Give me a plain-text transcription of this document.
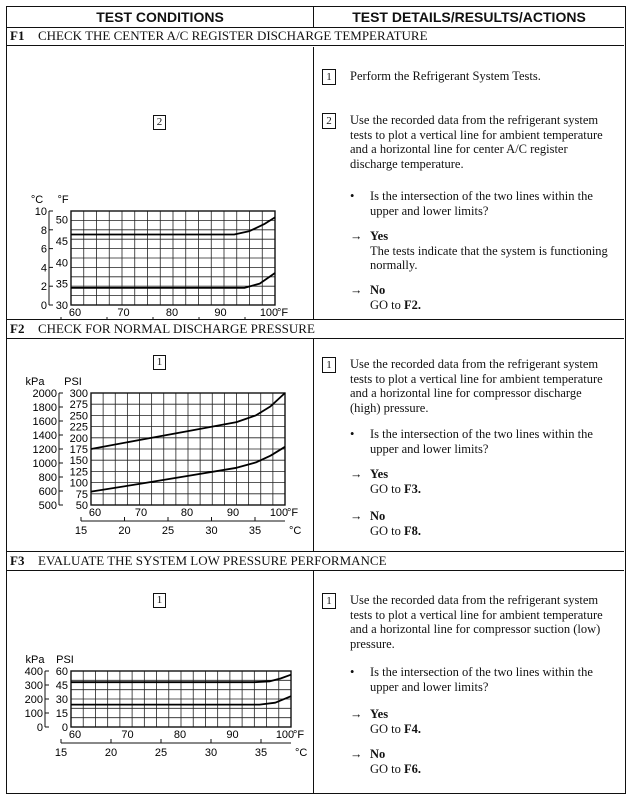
TEST CONDITIONS	TEST DETAILS/RESULTS/ACTIONS
F1 CHECK THE CENTER A/C REGISTER DISCHARGE TEMPERATURE
2
30
35
40
45
50
0
2
4
6
8
10
°F
°C
60	70	80	90	100
°F
1	Perform the Refrigerant System Tests.
2	Use the recorded data from the refrigerant system tests to plot a vertical line for ambient temperature and a horizontal line for center A/C register discharge temperature.
• Is the intersection of the two lines within the upper and lower limits?
→ Yes
The tests indicate that the system is functioning normally.
→ No
GO to F2.
F2 CHECK FOR NORMAL DISCHARGE PRESSURE
1
50
75
100
125
150
175
200
225
250
275
300
500
600
800
1000
1200
1400
1600
1800
2000
PSI
kPa
60	70	80	90	100
°F
15	20	25	30	35	°C
1	Use the recorded data from the refrigerant system tests to plot a vertical line for ambient temperature and a horizontal line for compressor discharge (high) pressure.
• Is the intersection of the two lines within the upper and lower limits?
→ Yes
GO to F3.
→ No
GO to F8.
F3 EVALUATE THE SYSTEM LOW PRESSURE PERFORMANCE
1
0
15
30
45
60
0
100
200
300
400
PSI
kPa
60	70	80	90	100
°F
15	20	25	30	35	°C
1	Use the recorded data from the refrigerant system tests to plot a vertical line for ambient temperature and a horizontal line for compressor suction (low) pressure.
• Is the intersection of the two lines within the upper and lower limits?
→ Yes
GO to F4.
→ No
GO to F6.
